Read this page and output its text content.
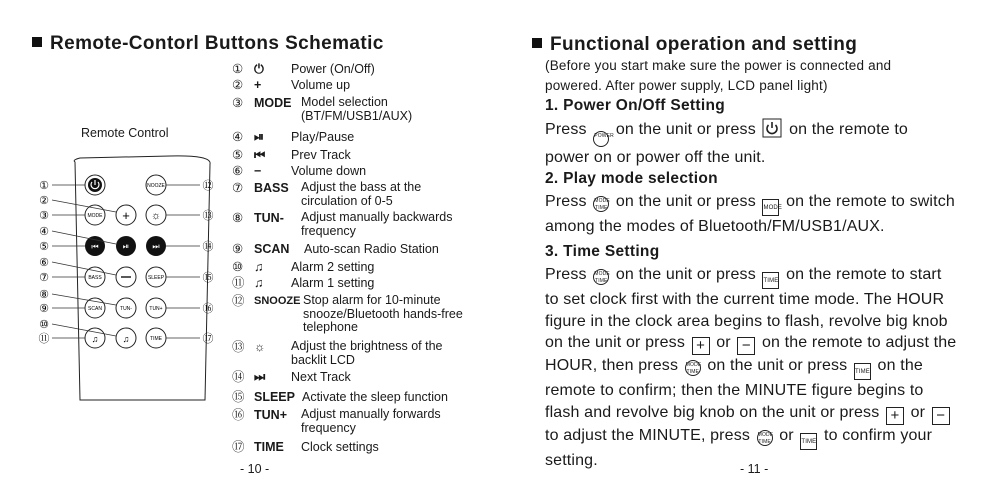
Remote-Contorl Buttons Schematic
Remote Control
NOOZE
+
MODE	☼
⏮	⏯	⏭
BASS	SLEEP
SCAN	TUN-	TUN+
♫	♫	TIME
①
②
③
④
⑤
⑥
⑦
⑧
⑨
⑩
⑪
⑫
⑬
⑭
⑮
⑯
⑰
① ⏻ Power (On/Off)
② + Volume up
③ MODE Model selection (BT/FM/USB1/AUX)
④ ⏯ Play/Pause
⑤ ⏮ Prev Track
⑥ − Volume down
⑦ BASS Adjust the bass at the circulation of 0-5
⑧ TUN- Adjust manually backwards frequency
⑨ SCAN Auto-scan Radio Station
⑩ ♫ Alarm 2 setting
⑪ ♫ Alarm 1 setting
⑫ SNOOZE Stop alarm for 10-minute snooze/Bluetooth hands-free telephone
⑬ ☼ Adjust the brightness of the backlit LCD
⑭ ⏭ Next Track
⑮ SLEEP Activate the sleep function
⑯ TUN+ Adjust manually forwards frequency
⑰ TIME Clock settings
- 10 -
Functional operation and setting
(Before you start make sure the power is connected and
powered. After power supply, LCD panel light)
1. Power On/Off Setting
Press POWER on the unit or press on the remote to
power on or power off the unit.
2. Play mode selection
Press MODE
TIME on the unit or press MODE on the remote to switch
among the modes of Bluetooth/FM/USB1/AUX.
3. Time Setting
Press MODE
TIME on the unit or press TIME on the remote to start
to set clock first with the current time mode. The HOUR
figure in the clock area begins to flash, revolve big knob
on the unit or press + or − on the remote to adjust the
HOUR, then press MODE
TIME on the unit or press TIME on the
remote to confirm; then the MINUTE figure begins to
flash and revolve big knob on the unit or press + or −
to adjust the MINUTE, press MODE
TIME or TIME to confirm your
setting.
- 11 -
